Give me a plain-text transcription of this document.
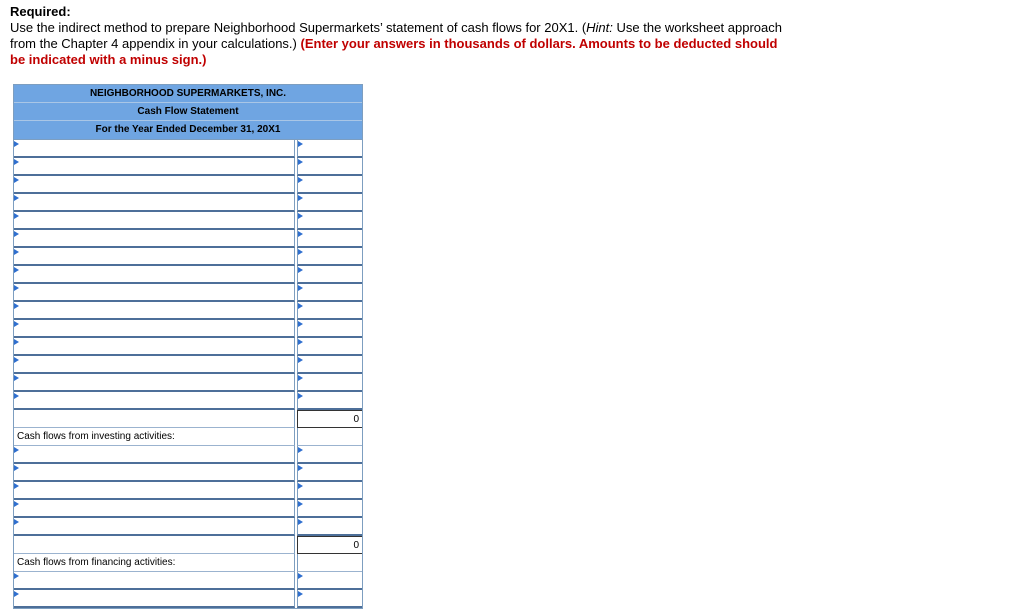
Required:
Use the indirect method to prepare Neighborhood Supermarkets’ statement of cash flows for 20X1. (Hint: Use the worksheet approach from the Chapter 4 appendix in your calculations.) (Enter your answers in thousands of dollars. Amounts to be deducted should be indicated with a minus sign.)
NEIGHBORHOOD SUPERMARKETS, INC.
Cash Flow Statement
For the Year Ended December 31, 20X1
0
Cash flows from investing activities:
0
Cash flows from financing activities:
